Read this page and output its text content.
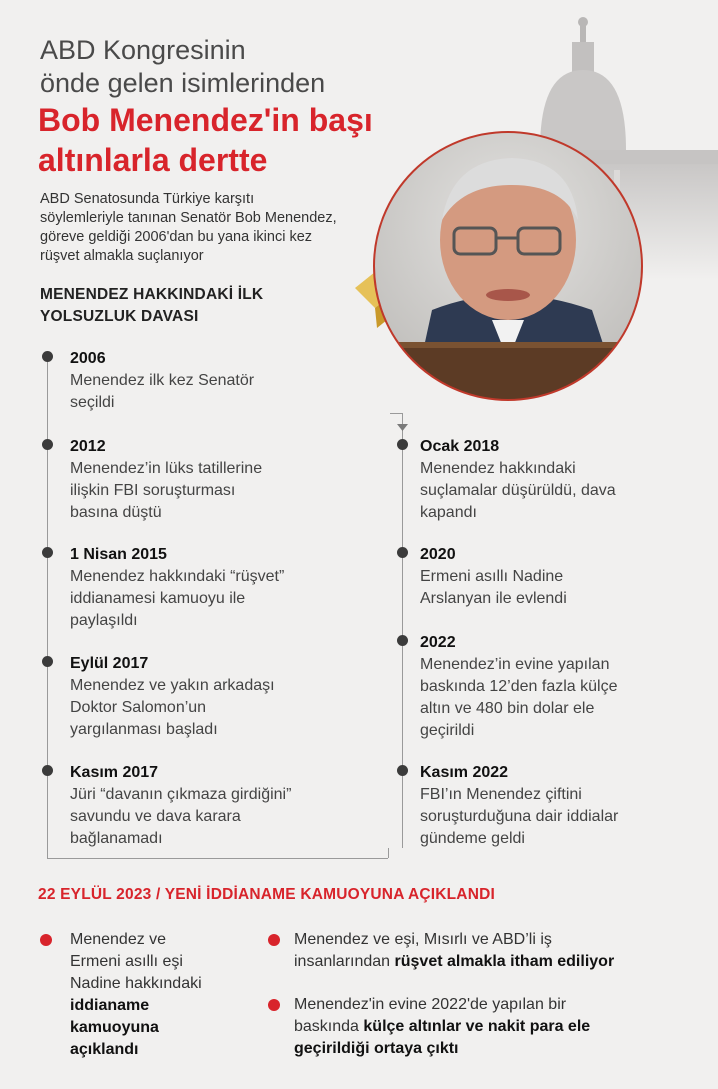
ABD Kongresinin
önde gelen isimlerinden
Bob Menendez'in başı
altınlarla dertte
ABD Senatosunda Türkiye karşıtı
söylemleriyle tanınan Senatör Bob Menendez,
göreve geldiği 2006'dan bu yana ikinci kez
rüşvet almakla suçlanıyor
MENENDEZ HAKKINDAKİ İLK
YOLSUZLUK DAVASI
2006
Menendez ilk kez Senatör
seçildi
2012
Menendez’in lüks tatillerine
ilişkin FBI soruşturması
basına düştü
1 Nisan 2015
Menendez hakkındaki “rüşvet”
iddianamesi kamuoyu ile
paylaşıldı
Eylül 2017
Menendez ve yakın arkadaşı
Doktor Salomon’un
yargılanması başladı
Kasım 2017
Jüri “davanın çıkmaza girdiğini”
savundu ve dava karara
bağlanamadı
Ocak 2018
Menendez hakkındaki
suçlamalar düşürüldü, dava
kapandı
2020
Ermeni asıllı Nadine
Arslanyan ile evlendi
2022
Menendez’in evine yapılan
baskında 12’den fazla külçe
altın ve 480 bin dolar ele
geçirildi
Kasım 2022
FBI’ın Menendez çiftini
soruşturduğuna dair iddialar
gündeme geldi
22 EYLÜL 2023 / YENİ İDDİANAME KAMUOYUNA AÇIKLANDI
Menendez ve
Ermeni asıllı eşi
Nadine hakkındaki
iddianame
kamuoyuna
açıklandı
Menendez ve eşi, Mısırlı ve ABD’li iş
insanlarından rüşvet almakla itham ediliyor
Menendez'in evine 2022'de yapılan bir
baskında külçe altınlar ve nakit para ele
geçirildiği ortaya çıktı
